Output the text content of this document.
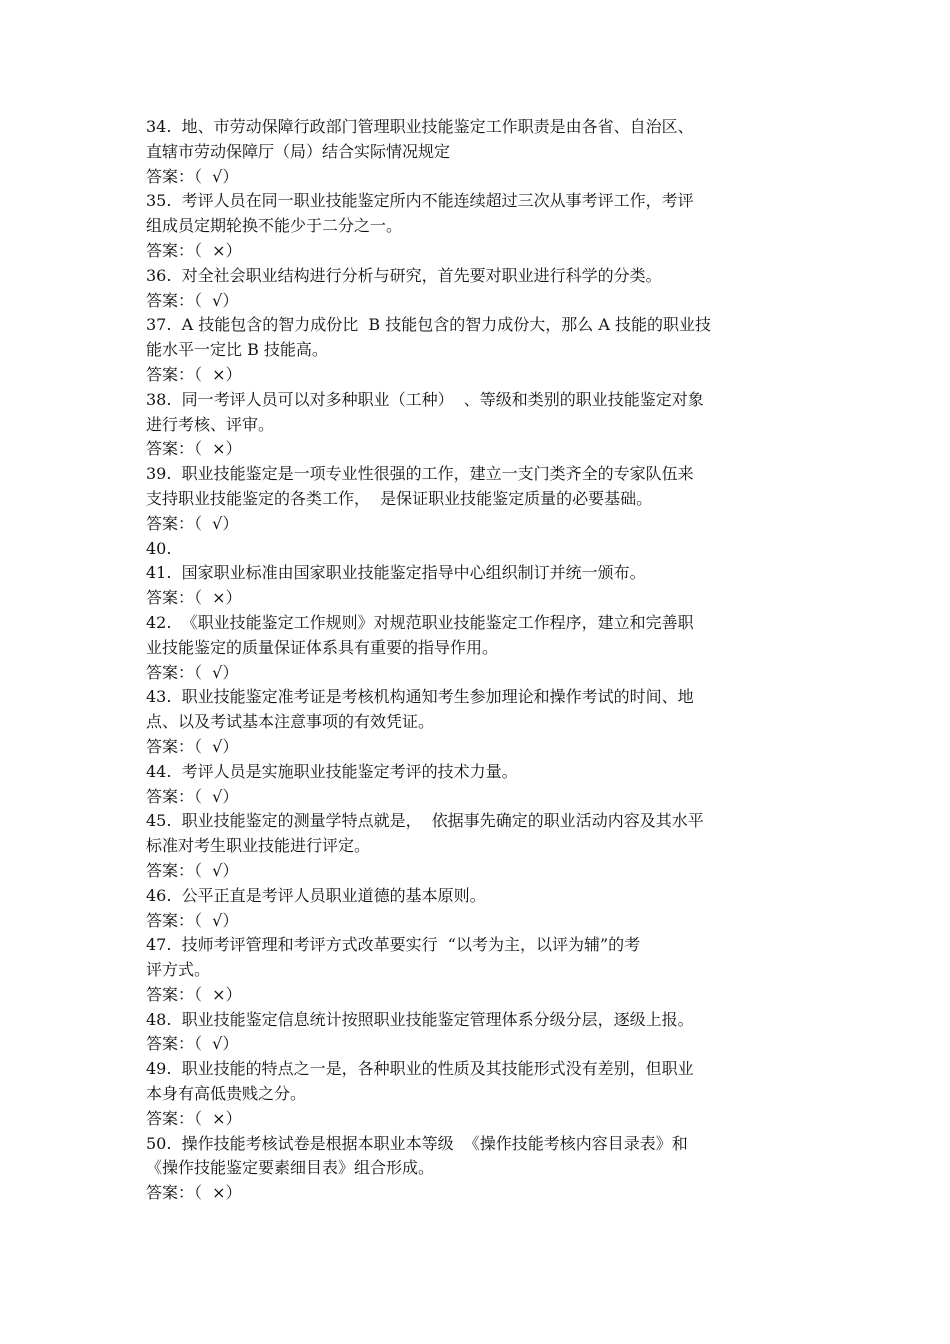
34.  地、市劳动保障行政部门管理职业技能鉴定工作职责是由各省、自治区、
直辖市劳动保障厅（局）结合实际情况规定
答案：（  √）
35.  考评人员在同一职业技能鉴定所内不能连续超过三次从事考评工作，考评
组成员定期轮换不能少于二分之一。
答案：（  ×）
36.  对全社会职业结构进行分析与研究，首先要对职业进行科学的分类。
答案：（  √）
37.  A 技能包含的智力成份比  B 技能包含的智力成份大，那么 A 技能的职业技
能水平一定比 B 技能高。
答案：（  ×）
38.  同一考评人员可以对多种职业（工种）  、等级和类别的职业技能鉴定对象
进行考核、评审。
答案：（  ×）
39.  职业技能鉴定是一项专业性很强的工作，建立一支门类齐全的专家队伍来
支持职业技能鉴定的各类工作，  是保证职业技能鉴定质量的必要基础。
答案：（  √）
40.
41.  国家职业标准由国家职业技能鉴定指导中心组织制订并统一颁布。
答案：（  ×）
42.  《职业技能鉴定工作规则》对规范职业技能鉴定工作程序，建立和完善职
业技能鉴定的质量保证体系具有重要的指导作用。
答案：（  √）
43.  职业技能鉴定准考证是考核机构通知考生参加理论和操作考试的时间、地
点、以及考试基本注意事项的有效凭证。
答案：（  √）
44.  考评人员是实施职业技能鉴定考评的技术力量。
答案：（  √）
45.  职业技能鉴定的测量学特点就是，  依据事先确定的职业活动内容及其水平
标准对考生职业技能进行评定。
答案：（  √）
46.  公平正直是考评人员职业道德的基本原则。
答案：（  √）
47.  技师考评管理和考评方式改革要实行  “以考为主，以评为辅”的考
评方式。
答案：（  ×）
48.  职业技能鉴定信息统计按照职业技能鉴定管理体系分级分层，逐级上报。
答案：（  √）
49.  职业技能的特点之一是，各种职业的性质及其技能形式没有差别，但职业
本身有高低贵贱之分。
答案：（  ×）
50.  操作技能考核试卷是根据本职业本等级  《操作技能考核内容目录表》和
《操作技能鉴定要素细目表》组合形成。
答案：（  ×）
